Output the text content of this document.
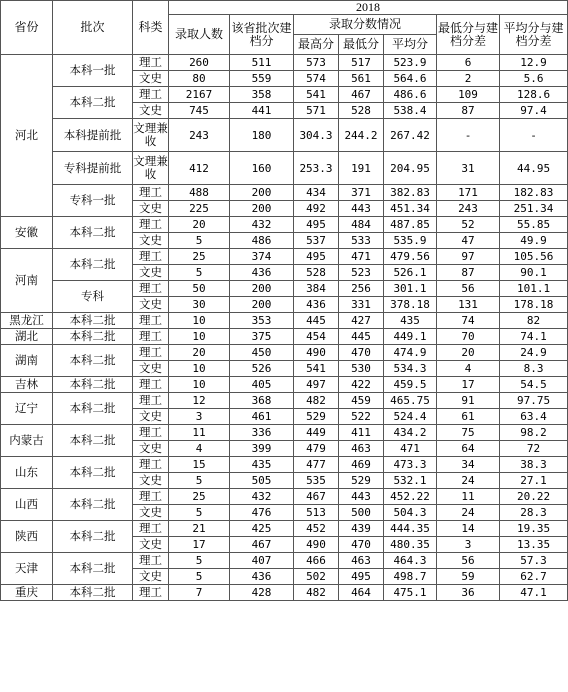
省份	批次	科类	2018						
			录取人数	该省批次建档分	录取分数情况			最低分与建档分差	平均分与建档分差
					最高分	最低分	平均分		
河北	本科一批	理工	260	511	573	517	523.9	6	12.9
		文史	80	559	574	561	564.6	2	5.6
	本科二批	理工	2167	358	541	467	486.6	109	128.6
		文史	745	441	571	528	538.4	87	97.4
	本科提前批	文理兼收	243	180	304.3	244.2	267.42	-	-
	专科提前批	文理兼收	412	160	253.3	191	204.95	31	44.95
	专科一批	理工	488	200	434	371	382.83	171	182.83
		文史	225	200	492	443	451.34	243	251.34
安徽	本科二批	理工	20	432	495	484	487.85	52	55.85
		文史	5	486	537	533	535.9	47	49.9
河南	本科二批	理工	25	374	495	471	479.56	97	105.56
		文史	5	436	528	523	526.1	87	90.1
	专科	理工	50	200	384	256	301.1	56	101.1
		文史	30	200	436	331	378.18	131	178.18
黑龙江	本科二批	理工	10	353	445	427	435	74	82
湖北	本科二批	理工	10	375	454	445	449.1	70	74.1
湖南	本科二批	理工	20	450	490	470	474.9	20	24.9
		文史	10	526	541	530	534.3	4	8.3
吉林	本科二批	理工	10	405	497	422	459.5	17	54.5
辽宁	本科二批	理工	12	368	482	459	465.75	91	97.75
		文史	3	461	529	522	524.4	61	63.4
内蒙古	本科二批	理工	11	336	449	411	434.2	75	98.2
		文史	4	399	479	463	471	64	72
山东	本科二批	理工	15	435	477	469	473.3	34	38.3
		文史	5	505	535	529	532.1	24	27.1
山西	本科二批	理工	25	432	467	443	452.22	11	20.22
		文史	5	476	513	500	504.3	24	28.3
陕西	本科二批	理工	21	425	452	439	444.35	14	19.35
		文史	17	467	490	470	480.35	3	13.35
天津	本科二批	理工	5	407	466	463	464.3	56	57.3
		文史	5	436	502	495	498.7	59	62.7
重庆	本科二批	理工	7	428	482	464	475.1	36	47.1
